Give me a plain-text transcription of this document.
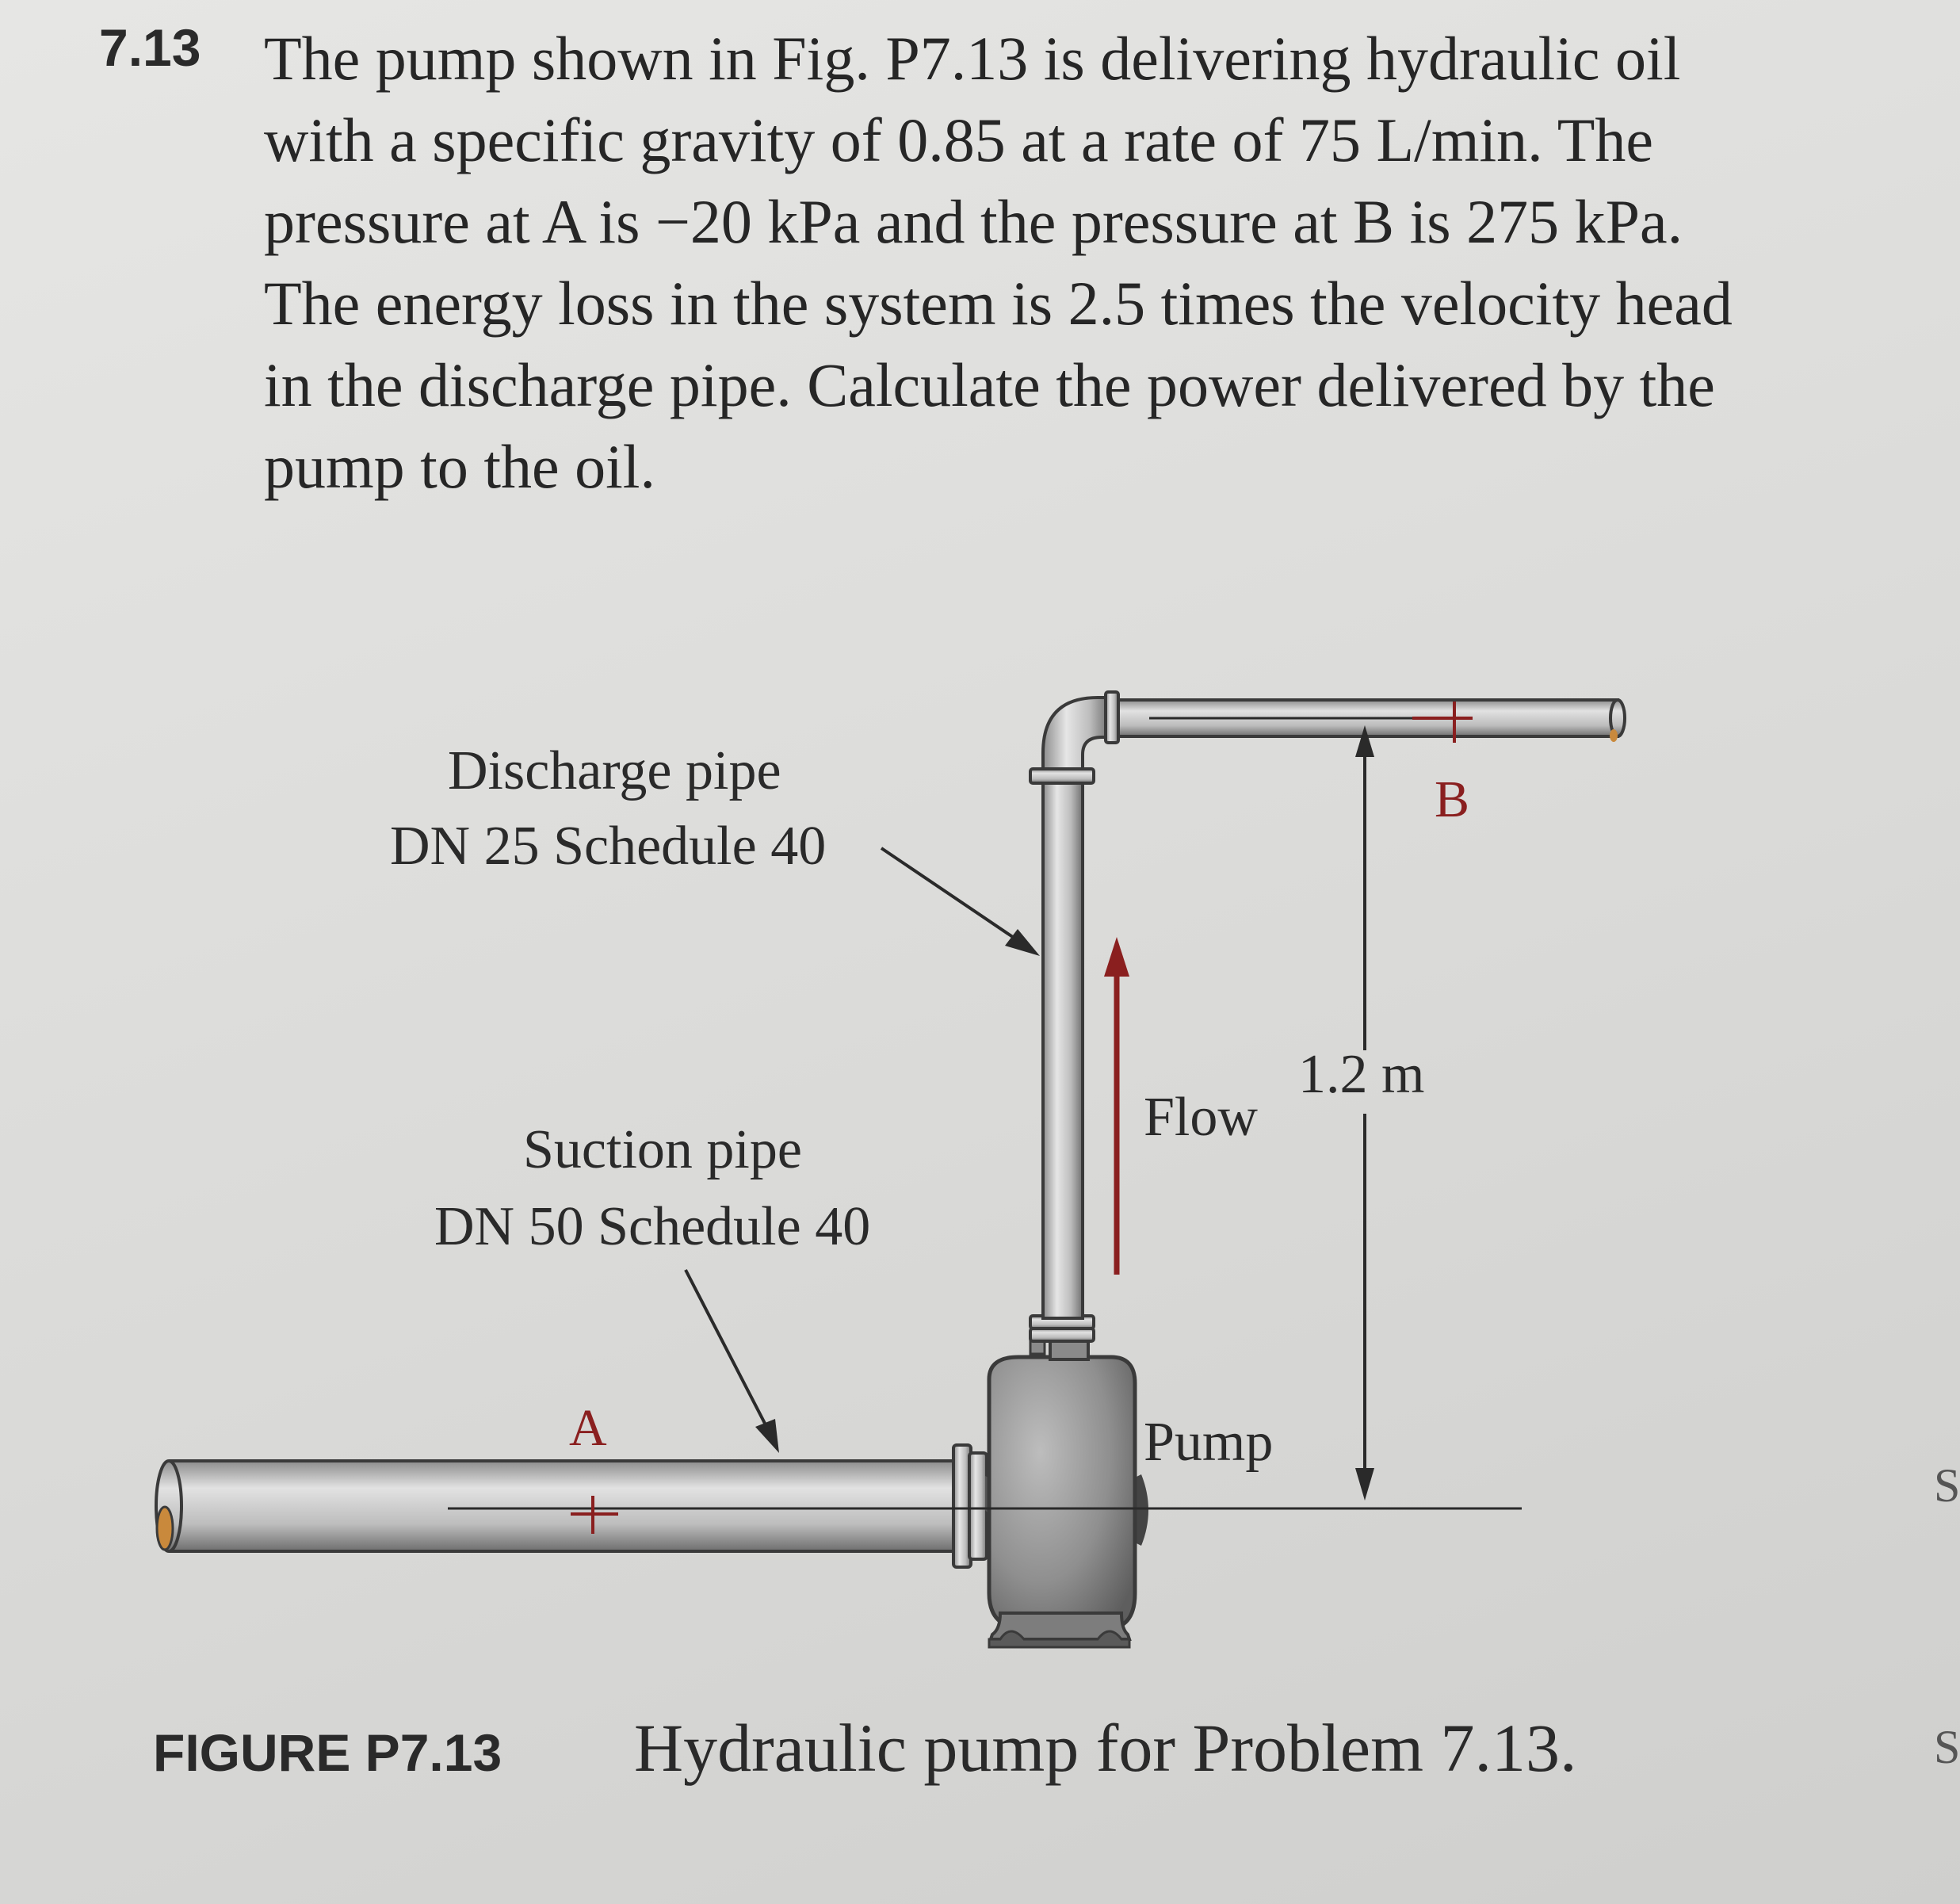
7.13 The pump shown in Fig. P7.13 is delivering hydraulic oil
with a specific gravity of 0.85 at a rate of 75 L/min. The
pressure at A is −20 kPa and the pressure at B is 275 kPa.
The energy loss in the system is 2.5 times the velocity head
in the discharge pipe. Calculate the power delivered by the
pump to the oil.
Discharge pipe
DN 25 Schedule 40
Suction pipe
DN 50 Schedule 40
Flow
Pump
1.2 m
B
A
FIGURE P7.13 Hydraulic pump for Problem 7.13.
S
S
